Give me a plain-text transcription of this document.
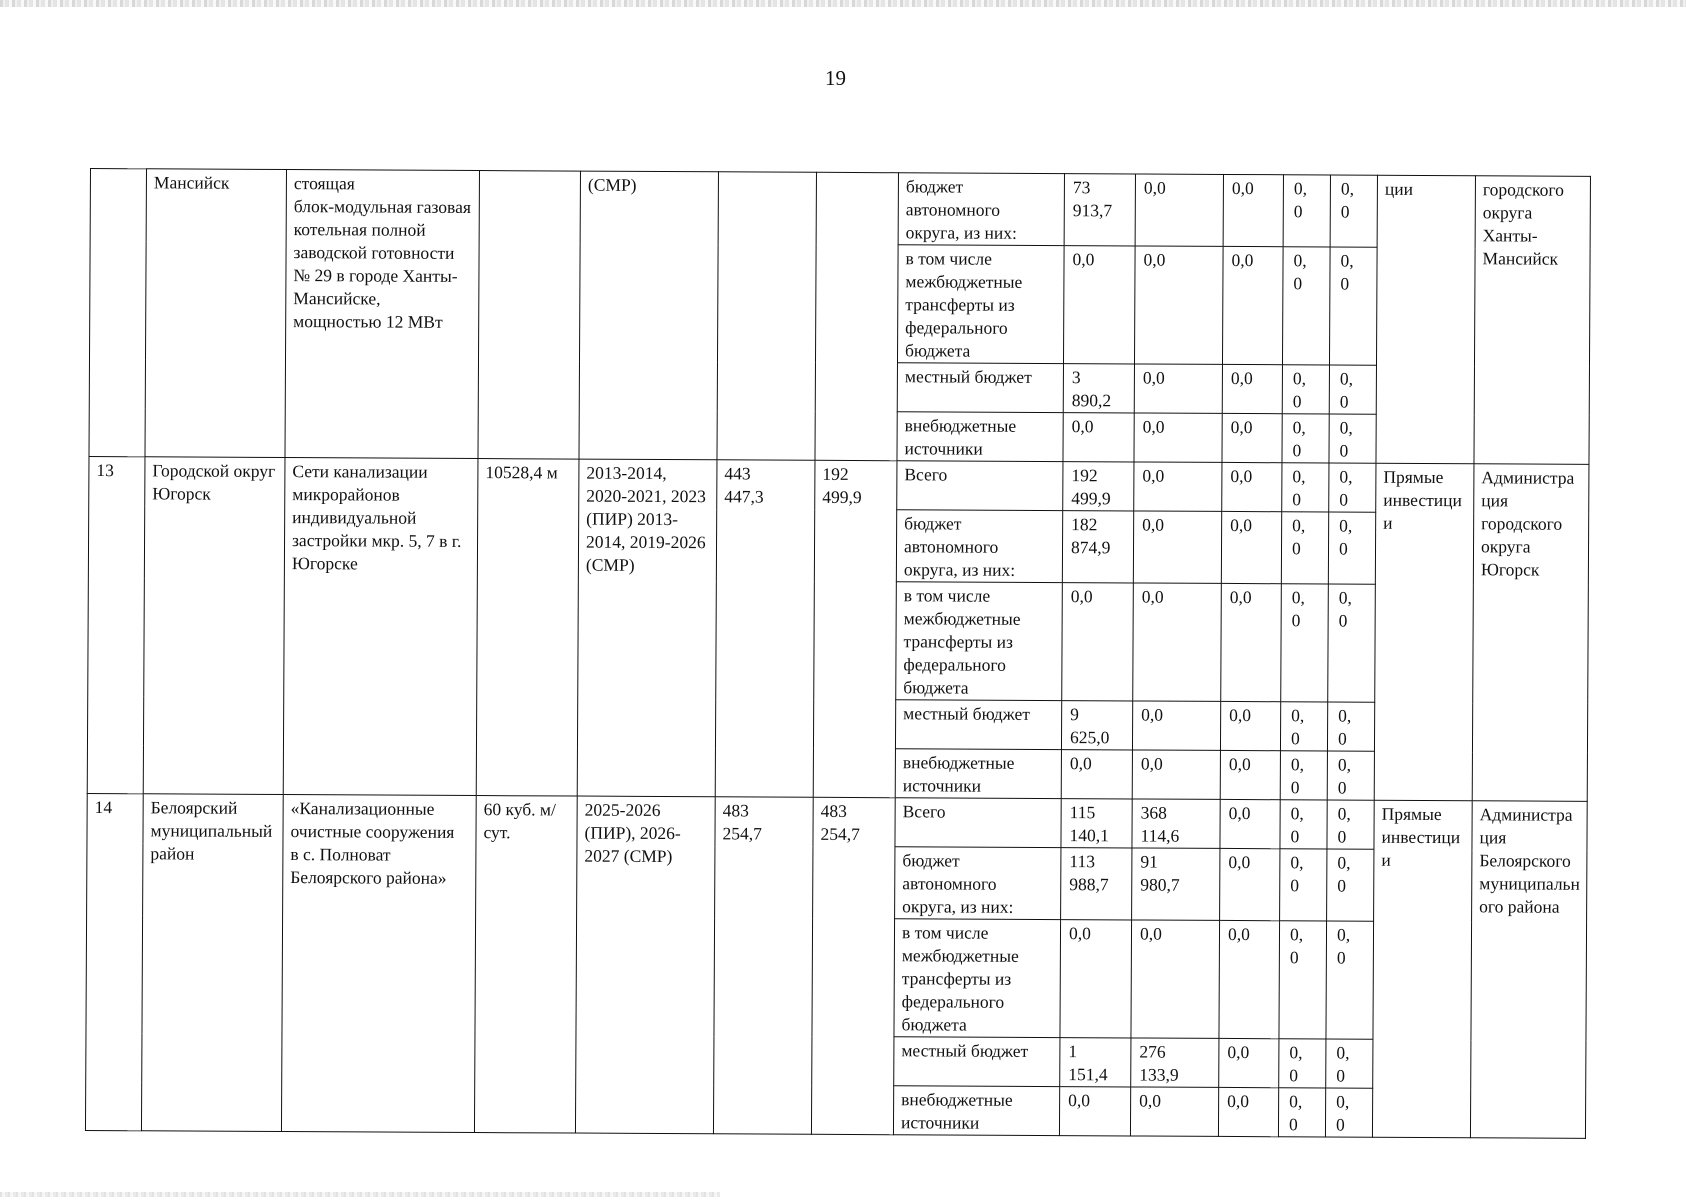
19
	Мансийск	стоящая
блок-модульная газовая котельная полной заводской готовности № 29 в городе Ханты-Мансийске, мощностью 12 МВт		(СМР)			бюджет автономного округа, из них:	73
913,7	0,0	0,0	0,
0	0,
0	ции	городского округа Ханты-Мансийск
							в том числе межбюджетные трансферты из федерального бюджета	0,0	0,0	0,0	0,
0	0,
0		
							местный бюджет	3
890,2	0,0	0,0	0,
0	0,
0		
							внебюджетные источники	0,0	0,0	0,0	0,
0	0,
0		
13	Городской округ Югорск	Сети канализации микрорайонов индивидуальной застройки мкр. 5, 7 в г. Югорске	10528,4 м	2013-2014, 2020-2021, 2023 (ПИР) 2013-2014, 2019-2026 (СМР)	443
447,3	192
499,9	Всего	192
499,9	0,0	0,0	0,
0	0,
0	Прямые инвестиции	Администрация городского округа Югорск
							бюджет автономного округа, из них:	182
874,9	0,0	0,0	0,
0	0,
0		
							в том числе межбюджетные трансферты из федерального бюджета	0,0	0,0	0,0	0,
0	0,
0		
							местный бюджет	9
625,0	0,0	0,0	0,
0	0,
0		
							внебюджетные источники	0,0	0,0	0,0	0,
0	0,
0		
14	Белоярский муниципальный район	«Канализационные очистные сооружения
в с. Полноват Белоярского района»	60 куб. м/сут.	2025-2026 (ПИР), 2026-2027 (СМР)	483
254,7	483
254,7	Всего	115
140,1	368
114,6	0,0	0,
0	0,
0	Прямые инвестиции	Администрация Белоярского муниципального района
							бюджет автономного округа, из них:	113
988,7	91
980,7	0,0	0,
0	0,
0		
							в том числе межбюджетные трансферты из федерального бюджета	0,0	0,0	0,0	0,
0	0,
0		
							местный бюджет	1
151,4	276
133,9	0,0	0,
0	0,
0		
							внебюджетные источники	0,0	0,0	0,0	0,
0	0,
0		
